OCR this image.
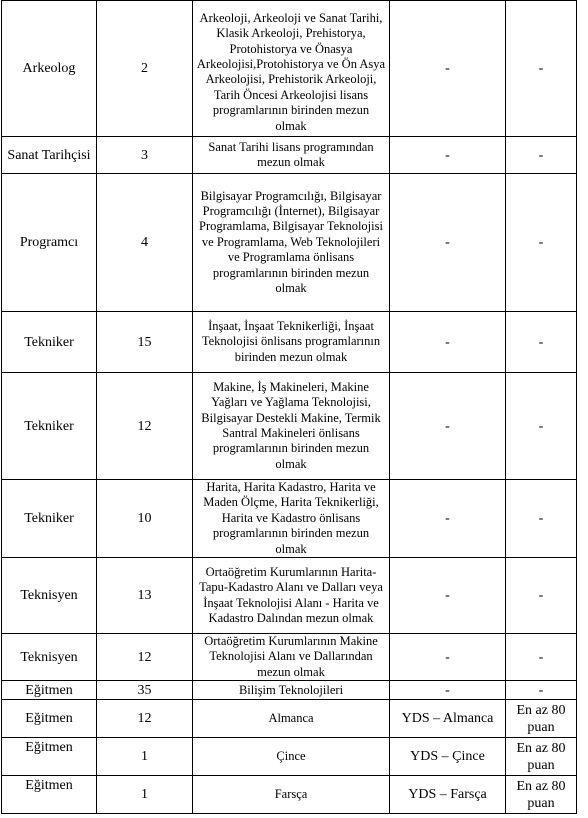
Arkeolog	2	Arkeoloji, Arkeoloji ve Sanat Tarihi, Klasik Arkeoloji, Prehistorya, Protohistorya ve Önasya Arkeolojisi,Protohistorya ve Ön Asya Arkeolojisi, Prehistorik Arkeoloji, Tarih Öncesi Arkeolojisi lisans programlarının birinden mezun olmak	-	-
Sanat Tarihçisi	3	Sanat Tarihi lisans programından mezun olmak	-	-
Programcı	4	Bilgisayar Programcılığı, Bilgisayar Programcılığı (İnternet), Bilgisayar Programlama, Bilgisayar Teknolojisi ve Programlama, Web Teknolojileri ve Programlama önlisans programlarının birinden mezun olmak	-	-
Tekniker	15	İnşaat, İnşaat Teknikerliği, İnşaat Teknolojisi önlisans programlarının birinden mezun olmak	-	-
Tekniker	12	Makine, İş Makineleri, Makine Yağları ve Yağlama Teknolojisi, Bilgisayar Destekli Makine, Termik Santral Makineleri önlisans programlarının birinden mezun olmak	-	-
Tekniker	10	Harita, Harita Kadastro, Harita ve Maden Ölçme, Harita Teknikerliği, Harita ve Kadastro önlisans programlarının birinden mezun olmak	-	-
Teknisyen	13	Ortaöğretim Kurumlarının Harita-Tapu-Kadastro Alanı ve Dalları veya İnşaat Teknolojisi Alanı - Harita ve Kadastro Dalından mezun olmak	-	-
Teknisyen	12	Ortaöğretim Kurumlarının Makine Teknolojisi Alanı ve Dallarından mezun olmak	-	-
Eğitmen	35	Bilişim Teknolojileri	-	-
Eğitmen	12	Almanca	YDS – Almanca	En az 80 puan
Eğitmen	1	Çince	YDS – Çince	En az 80 puan
Eğitmen	1	Farsça	YDS – Farsça	En az 80 puan
